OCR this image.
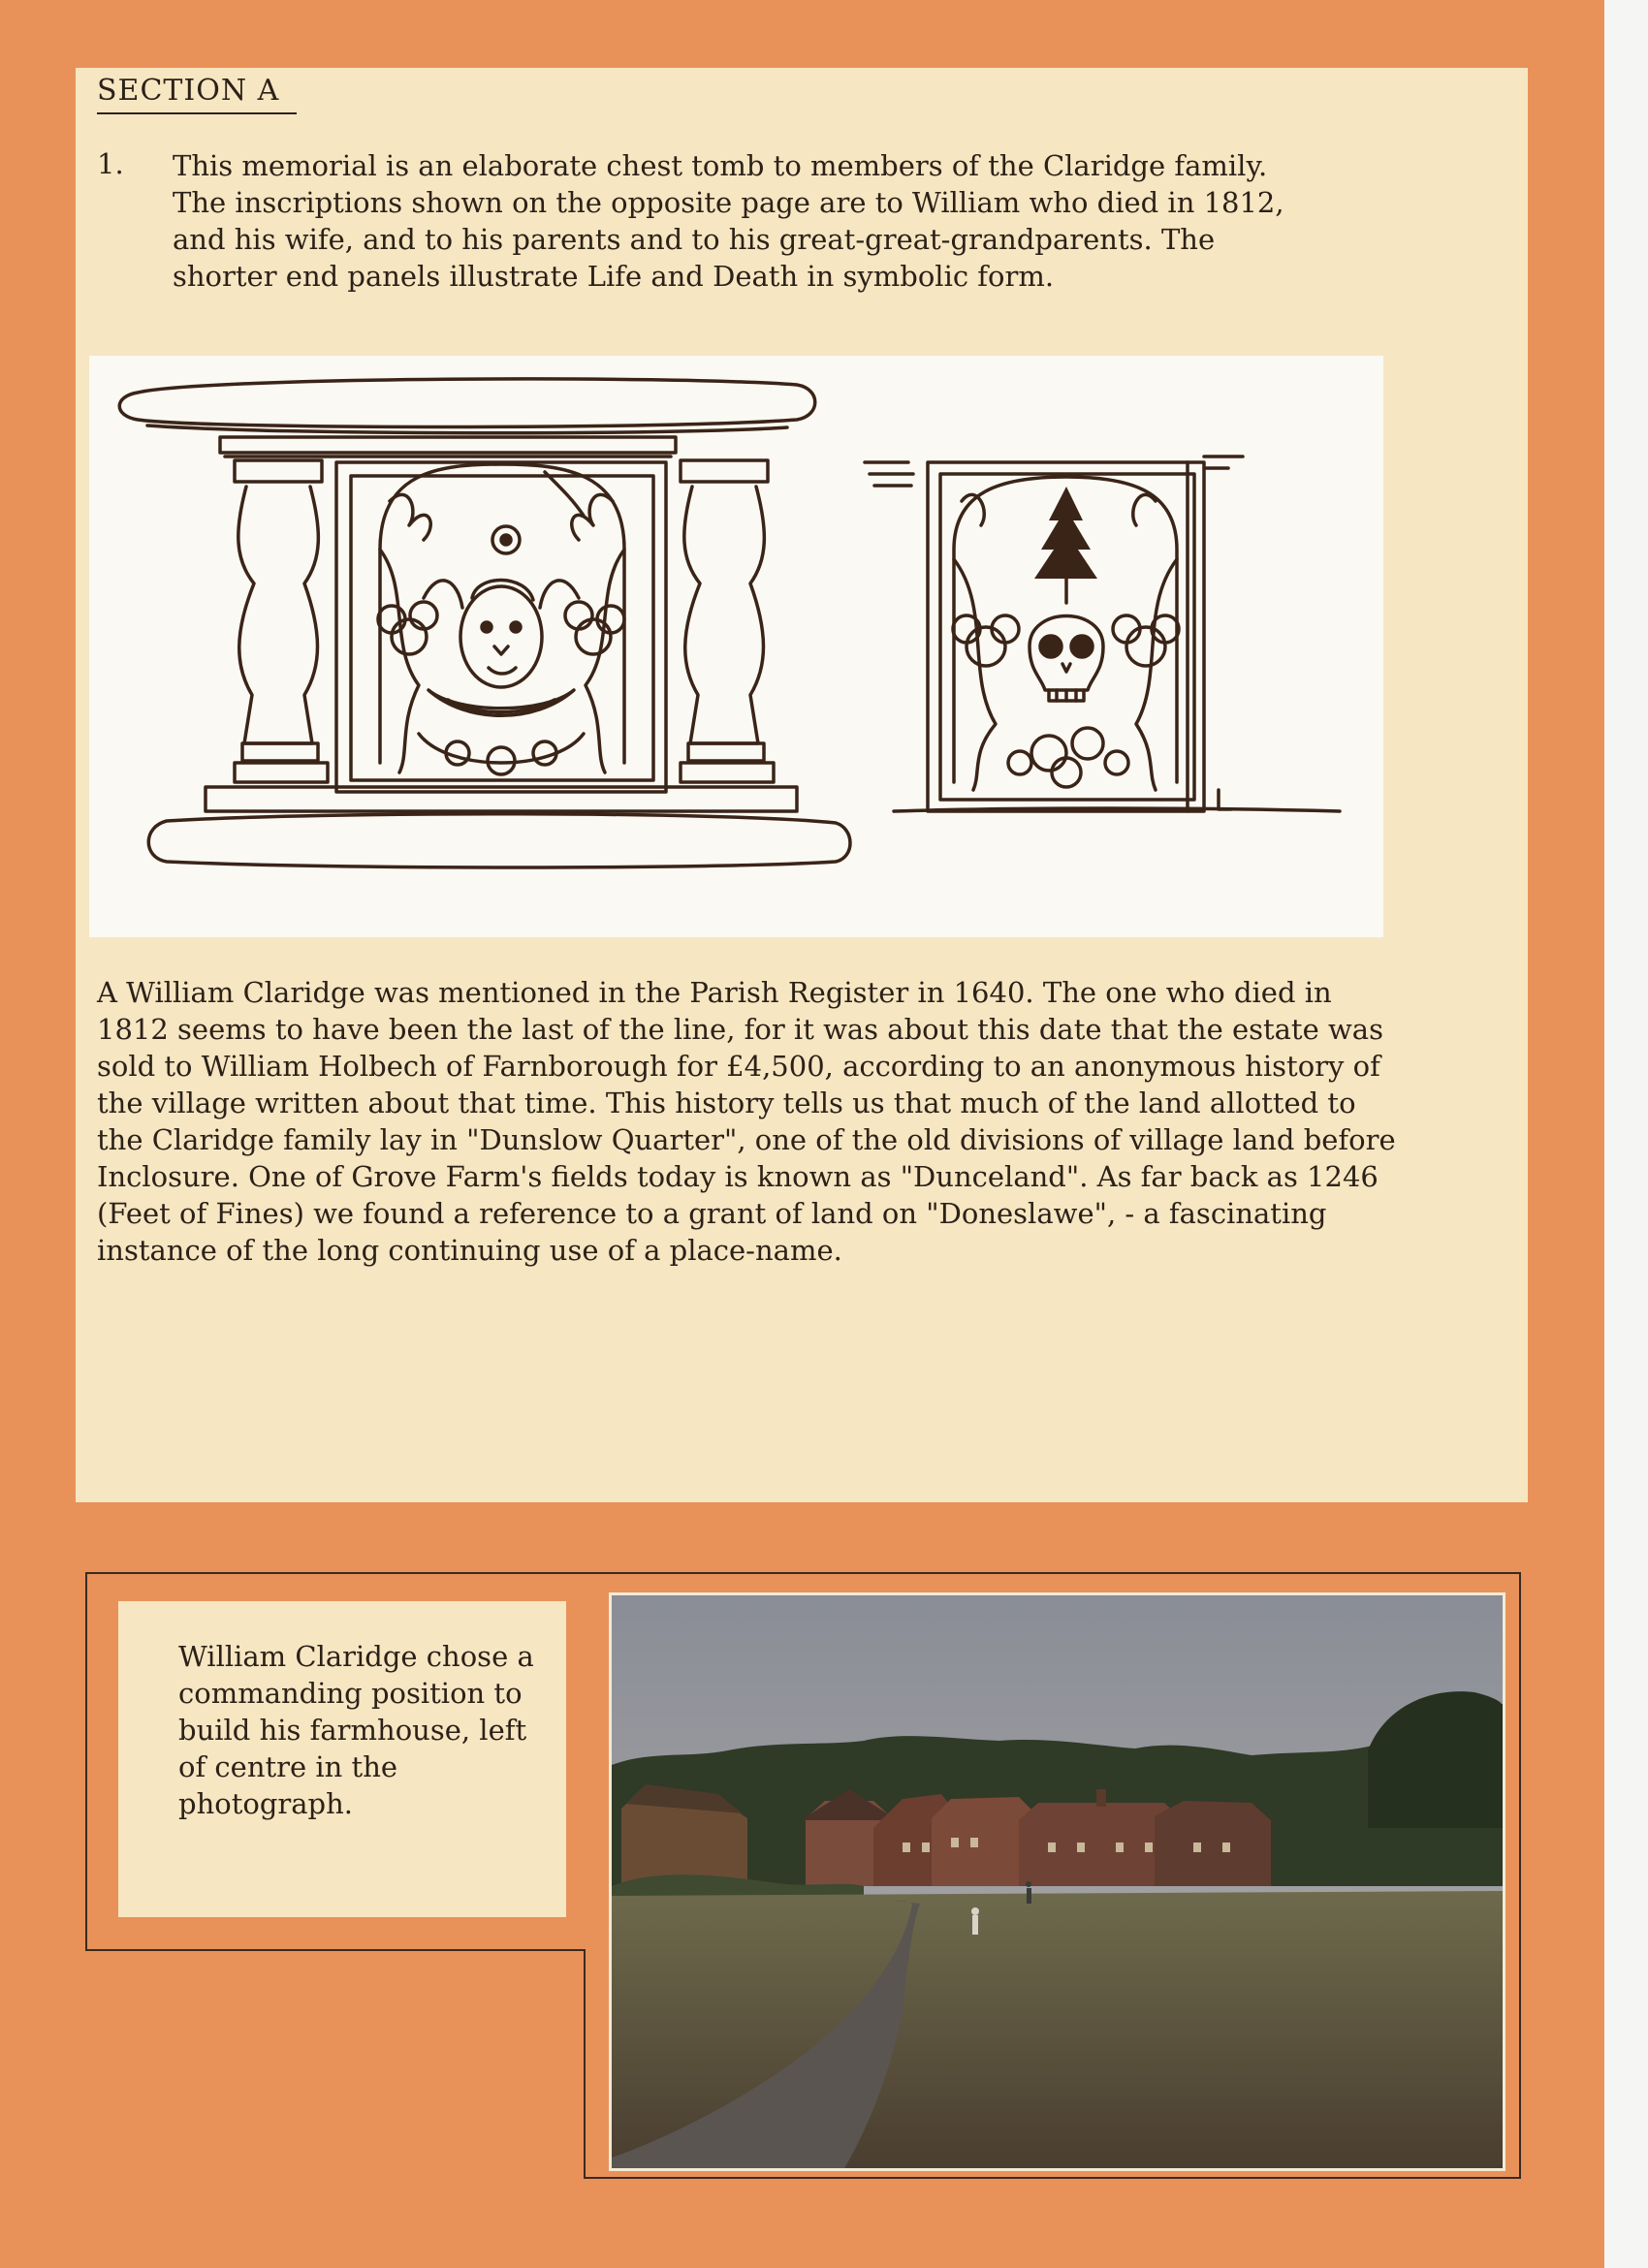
SECTION A
1. This memorial is an elaborate chest tomb to members of the Claridge family. The inscriptions shown on the opposite page are to William who died in 1812, and his wife, and to his parents and to his great-great-grandparents. The shorter end panels illustrate Life and Death in symbolic form.

A William Claridge was mentioned in the Parish Register in 1640. The one who died in 1812 seems to have been the last of the line, for it was about this date that the estate was sold to William Holbech of Farnborough for £4,500, according to an anonymous history of the village written about that time. This history tells us that much of the land allotted to the Claridge family lay in "Dunslow Quarter", one of the old divisions of village land before Inclosure. One of Grove Farm's fields today is known as "Dunceland". As far back as 1246 (Feet of Fines) we found a reference to a grant of land on "Doneslawe", - a fascinating instance of the long continuing use of a place-name.

William Claridge chose a commanding position to build his farmhouse, left of centre in the photograph.
